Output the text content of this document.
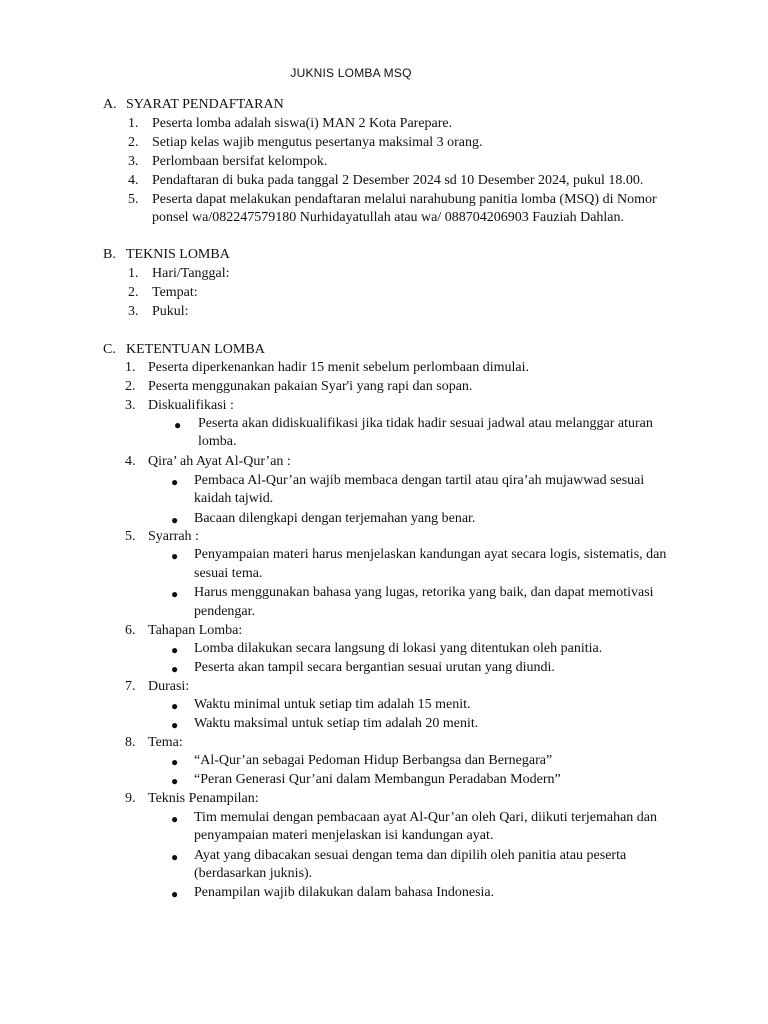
JUKNIS LOMBA MSQ
A. SYARAT PENDAFTARAN
1. Peserta lomba adalah siswa(i) MAN 2 Kota Parepare.
2. Setiap kelas wajib mengutus pesertanya maksimal 3 orang.
3. Perlombaan bersifat kelompok.
4. Pendaftaran di buka pada tanggal 2 Desember 2024 sd 10 Desember 2024, pukul 18.00.
5. Peserta dapat melakukan pendaftaran melalui narahubung panitia lomba (MSQ) di Nomor
ponsel wa/082247579180 Nurhidayatullah atau wa/ 088704206903 Fauziah Dahlan.
B. TEKNIS LOMBA
1. Hari/Tanggal:
2. Tempat:
3. Pukul:
C. KETENTUAN LOMBA
1. Peserta diperkenankan hadir 15 menit sebelum perlombaan dimulai.
2. Peserta menggunakan pakaian Syar'i yang rapi dan sopan.
3. Diskualifikasi :
● Peserta akan didiskualifikasi jika tidak hadir sesuai jadwal atau melanggar aturan
lomba.
4. Qira’ ah Ayat Al-Qur’an :
● Pembaca Al-Qur’an wajib membaca dengan tartil atau qira’ah mujawwad sesuai
kaidah tajwid.
● Bacaan dilengkapi dengan terjemahan yang benar.
5. Syarrah :
● Penyampaian materi harus menjelaskan kandungan ayat secara logis, sistematis, dan
sesuai tema.
● Harus menggunakan bahasa yang lugas, retorika yang baik, dan dapat memotivasi
pendengar.
6. Tahapan Lomba:
● Lomba dilakukan secara langsung di lokasi yang ditentukan oleh panitia.
● Peserta akan tampil secara bergantian sesuai urutan yang diundi.
7. Durasi:
● Waktu minimal untuk setiap tim adalah 15 menit.
● Waktu maksimal untuk setiap tim adalah 20 menit.
8. Tema:
● “Al-Qur’an sebagai Pedoman Hidup Berbangsa dan Bernegara”
● “Peran Generasi Qur’ani dalam Membangun Peradaban Modern”
9. Teknis Penampilan:
● Tim memulai dengan pembacaan ayat Al-Qur’an oleh Qari, diikuti terjemahan dan
penyampaian materi menjelaskan isi kandungan ayat.
● Ayat yang dibacakan sesuai dengan tema dan dipilih oleh panitia atau peserta
(berdasarkan juknis).
● Penampilan wajib dilakukan dalam bahasa Indonesia.
